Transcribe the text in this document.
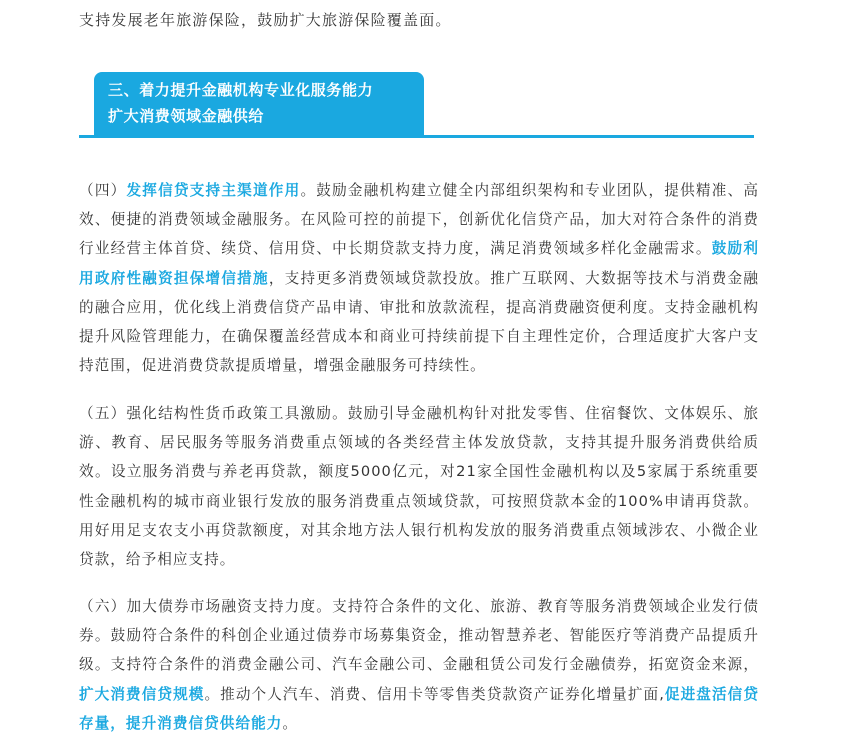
支持发展老年旅游保险，鼓励扩大旅游保险覆盖面。
三、着力提升金融机构专业化服务能力
扩大消费领域金融供给

（四）发挥信贷支持主渠道作用。鼓励金融机构建立健全内部组织架构和专业团队，提供精准、高效、便捷的消费领域金融服务。在风险可控的前提下，创新优化信贷产品，加大对符合条件的消费行业经营主体首贷、续贷、信用贷、中长期贷款支持力度，满足消费领域多样化金融需求。鼓励利用政府性融资担保增信措施，支持更多消费领域贷款投放。推广互联网、大数据等技术与消费金融的融合应用，优化线上消费信贷产品申请、审批和放款流程，提高消费融资便利度。支持金融机构提升风险管理能力，在确保覆盖经营成本和商业可持续前提下自主理性定价，合理适度扩大客户支持范围，促进消费贷款提质增量，增强金融服务可持续性。

（五）强化结构性货币政策工具激励。鼓励引导金融机构针对批发零售、住宿餐饮、文体娱乐、旅游、教育、居民服务等服务消费重点领域的各类经营主体发放贷款，支持其提升服务消费供给质效。设立服务消费与养老再贷款，额度5000亿元，对21家全国性金融机构以及5家属于系统重要性金融机构的城市商业银行发放的服务消费重点领域贷款，可按照贷款本金的100%申请再贷款。用好用足支农支小再贷款额度，对其余地方法人银行机构发放的服务消费重点领域涉农、小微企业贷款，给予相应支持。

（六）加大债券市场融资支持力度。支持符合条件的文化、旅游、教育等服务消费领域企业发行债券。鼓励符合条件的科创企业通过债券市场募集资金，推动智慧养老、智能医疗等消费产品提质升级。支持符合条件的消费金融公司、汽车金融公司、金融租赁公司发行金融债券，拓宽资金来源，扩大消费信贷规模。推动个人汽车、消费、信用卡等零售类贷款资产证券化增量扩面,促进盘活信贷存量，提升消费信贷供给能力。
